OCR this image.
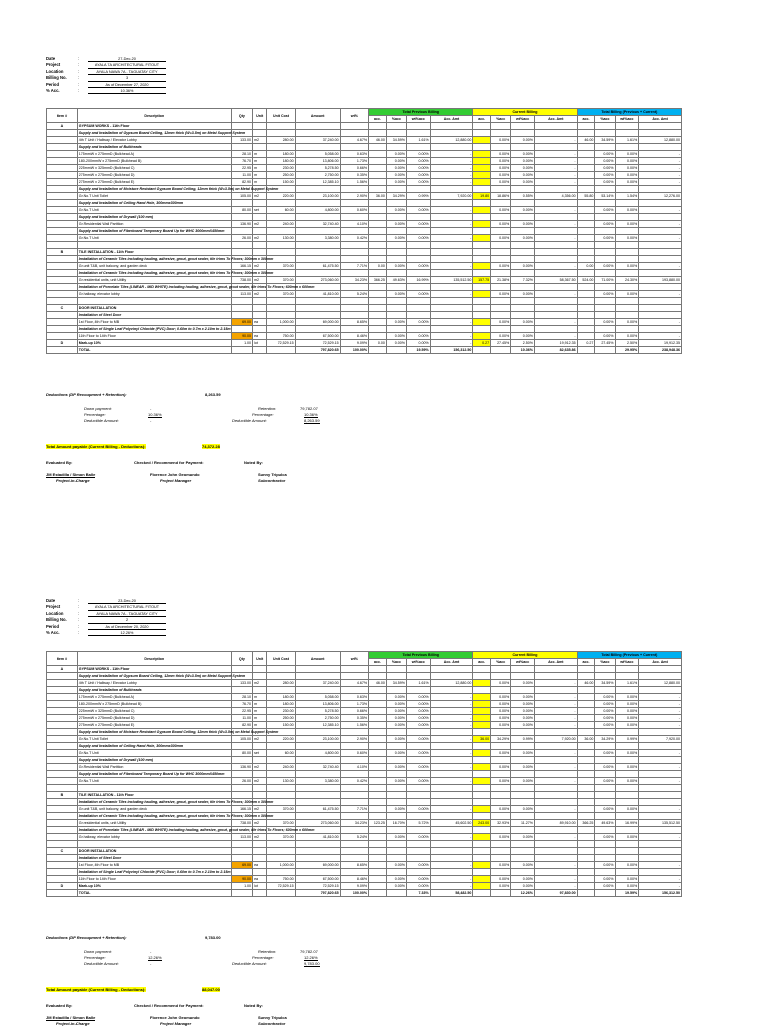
Date	:	27-Dec-20
Project	:	AYALA 7A ARCHITECTURAL FITOUT
Location	:	AYALA NAWA 7A - TAGUATAY CITY
Billing No.	:	3
Period	:	As of December 27, 2020
% Acc.	:	10.36%
Item #	Description	Qty	Unit	Unit Cost	Amount	wt%	Total Previous Billing				Current Billing				Total Billing (Previous + Current)			
							acc.	%acc	wt%acc	Acc. Amt	acc.	%acc	wt%acc	Acc. Amt	acc.	%acc	wt%acc	Acc. Amt
A	GYPSUM WORKS - 11th Floor																	
	Supply and Installation of Gypsum Board Ceiling, 12mm thick (W=3.5m) on Metal Support System																	
	4th T Unit / Hallway / Elevator Lobby	133.00	m2	280.00	37,240.00	4.67%	46.00	34.59%	1.61%	12,880.00		0.00%	0.00%	-	46.00	34.59%	1.61%	12,880.00
	Supply and Installation of Bulkheads																	
	175mmW x 275mmD (Bulkhead A)	28.10	m	180.00	5,058.00	0.63%		0.00%	0.00%	-		0.00%	0.00%	-		0.00%	0.00%	-
	180-200mmW x 275mmD (Bulkhead B)	76.70	m	180.00	13,806.00	1.73%		0.00%	0.00%	-		0.00%	0.00%	-		0.00%	0.00%	-
	225mmW x 325mmD (Bulkhead C)	22.95	m	230.00	5,278.50	0.66%		0.00%	0.00%	-		0.00%	0.00%	-		0.00%	0.00%	-
	275mmW x 275mmD (Bulkhead D)	11.00	m	250.00	2,750.00	0.35%		0.00%	0.00%	-		0.00%	0.00%	-		0.00%	0.00%	-
	275mmW x 275mmD (Bulkhead E)	82.90	m	150.00	12,385.10	1.56%		0.00%	0.00%	-		0.00%	0.00%	-		0.00%	0.00%	-
	Supply and Installation of Moisture Resistant Gypsum Board Ceiling, 12mm thick (W=3.5m) on Metal Support System																	
	Gr.No.T Unit Toilet	105.00	m2	220.00	23,100.00	2.90%	36.00	34.29%	0.99%	7,920.00	19.80	18.86%	0.55%	4,356.00	55.80	53.14%	1.54%	12,276.00
	Supply and Installation of Ceiling Hand Hole, 300mmx300mm																	
	Gr.No.T Unit	80.00	set	60.00	4,800.00	0.60%		0.00%	0.00%	-		0.00%	0.00%	-		0.00%	0.00%	-
	Supply and Installation of Drywall (100 mm)																	
	Gr.Residential Wall Partition	136.90	m2	240.00	32,740.40	4.10%		0.00%	0.00%	-		0.00%	0.00%	-		0.00%	0.00%	-
	Supply and Installation of Fiberboard Temporary Board Up for WHC 3000mmX450mm																	
	Gr.No.T Unit	26.00	m2	130.00	3,380.00	0.42%		0.00%	0.00%	-		0.00%	0.00%	-		0.00%	0.00%	-

B	TILE INSTALLATION - 11th Floor																	
	Installation of Ceramic Tiles including hauling, adhesive, grout, grout sealer, tile trims To Floors; 300mm x 300mm																	
	Gr.unit T&B, unit balcony, and garden deck	166.15	m2	370.00	61,475.50	7.71%	0.00	0.00%	0.00%	-		0.00%	0.00%	-	0.00	0.00%	0.00%	-
	Installation of Ceramic Tiles including hauling, adhesive, grout, grout sealer, tile trims To Floors; 300mm x 300mm																	
	Gr.residential units, unit Utility	738.00	m2	370.00	273,060.00	34.23%	366.25	49.63%	16.99%	135,512.50	157.75	21.38%	7.32%	58,367.50	524.00	71.00%	24.30%	193,880.00
	Installation of Porcelain Tiles (LINEAR - MID WHITE) including hauling, adhesive, grout, grout sealer, tile trims To Floors; 600mm x 600mm																	
	Gr.hallway, elevator lobby	113.00	m2	370.00	41,810.00	5.24%		0.00%	0.00%	-		0.00%	0.00%	-		0.00%	0.00%	-

C	DOOR INSTALLATION																	
	Installation of Steel Door																	
	1st Floor, 4th Floor to MB	69.00	ea	1,000.00	69,000.00	8.65%		0.00%	0.00%	-		0.00%	0.00%	-		0.00%	0.00%	-
	Installation of Single Leaf Polyvinyl Chloride (PVC) Door; 0.60m to 0.7m x 2.10m to 2.15m																	
	11th Floor to 14th Floor	90.00	ea	750.00	67,500.00	8.46%		0.00%	0.00%	-		0.00%	0.00%	-		0.00%	0.00%	-
D	Mark-up 10%	1.00	lot	72,529.15	72,529.15	9.09%	0.00	0.00%	0.00%	-	0.27	27.45%	2.50%	19,912.35	0.27	27.45%	2.50%	19,912.35
	TOTAL				797,820.65	100.00%			19.59%	156,312.50			10.36%	82,635.86			29.95%	238,948.36
Deductions (DP Recoupment + Retention):	8,263.59
Down payment:	-
Percentage:	10.36%
Deductible Amount:	-
Retention:	79,782.07
Percentage:	10.36%
Deductible Amount:	8,263.59
Total Amount payable (Current Billing - Deductions):	74,372.28
Evaluated By:	Checked / Recommend for Payment:	Noted By:
JM Estadilla / Simon Balle	Florence John Geomundo	Sunny Tripulca
Project-in-Charge	Project Manager	Subcontractor
Date	:	23-Dec-20
Project	:	AYALA 7A ARCHITECTURAL FITOUT
Location	:	AYALA NAWA 7A - TAGUATAY CITY
Billing No.	:	2
Period	:	As of December 20, 2020
% Acc.	:	12.26%
Item #	Description	Qty	Unit	Unit Cost	Amount	wt%	Total Previous Billing				Current Billing				Total Billing (Previous + Current)			
							acc.	%acc	wt%acc	Acc. Amt	acc.	%acc	wt%acc	Acc. Amt	acc.	%acc	wt%acc	Acc. Amt
A	GYPSUM WORKS - 11th Floor																	
	Supply and Installation of Gypsum Board Ceiling, 12mm thick (W=3.5m) on Metal Support System																	
	4th T Unit / Hallway / Elevator Lobby	133.00	m2	280.00	37,240.00	4.67%	46.00	34.59%	1.61%	12,880.00		0.00%	0.00%	-	46.00	34.59%	1.61%	12,880.00
	Supply and Installation of Bulkheads																	
	175mmW x 275mmD (Bulkhead A)	28.10	m	180.00	5,058.00	0.63%		0.00%	0.00%	-		0.00%	0.00%	-		0.00%	0.00%	-
	180-200mmW x 275mmD (Bulkhead B)	76.70	m	180.00	13,806.00	1.73%		0.00%	0.00%	-		0.00%	0.00%	-		0.00%	0.00%	-
	225mmW x 325mmD (Bulkhead C)	22.95	m	230.00	5,278.50	0.66%		0.00%	0.00%	-		0.00%	0.00%	-		0.00%	0.00%	-
	275mmW x 275mmD (Bulkhead D)	11.00	m	250.00	2,750.00	0.35%		0.00%	0.00%	-		0.00%	0.00%	-		0.00%	0.00%	-
	275mmW x 275mmD (Bulkhead E)	82.90	m	150.00	12,385.10	1.56%		0.00%	0.00%	-		0.00%	0.00%	-		0.00%	0.00%	-
	Supply and Installation of Moisture Resistant Gypsum Board Ceiling, 12mm thick (W=3.5m) on Metal Support System																	
	Gr.No.T Unit Toilet	105.00	m2	220.00	23,100.00	2.90%		0.00%	0.00%	-	36.00	34.29%	0.99%	7,920.00	36.00	34.29%	0.99%	7,920.00
	Supply and Installation of Ceiling Hand Hole, 300mmx300mm																	
	Gr.No.T Unit	80.00	set	60.00	4,800.00	0.60%		0.00%	0.00%	-		0.00%	0.00%	-		0.00%	0.00%	-
	Supply and Installation of Drywall (100 mm)																	
	Gr.Residential Wall Partition	136.90	m2	240.00	32,740.40	4.10%		0.00%	0.00%	-		0.00%	0.00%	-		0.00%	0.00%	-
	Supply and Installation of Fiberboard Temporary Board Up for WHC 3000mmX450mm																	
	Gr.No.T Unit	26.00	m2	130.00	3,380.00	0.42%		0.00%	0.00%	-		0.00%	0.00%	-		0.00%	0.00%	-

B	TILE INSTALLATION - 11th Floor																	
	Installation of Ceramic Tiles including hauling, adhesive, grout, grout sealer, tile trims To Floors; 300mm x 300mm																	
	Gr.unit T&B, unit balcony, and garden deck	166.15	m2	370.00	61,475.50	7.71%		0.00%	0.00%	-		0.00%	0.00%	-		0.00%	0.00%	-
	Installation of Ceramic Tiles including hauling, adhesive, grout, grout sealer, tile trims To Floors; 300mm x 300mm																	
	Gr.residential units, unit Utility	738.00	m2	370.00	273,060.00	34.23%	123.25	16.70%	5.72%	45,602.50	243.00	32.93%	11.27%	89,910.00	366.25	49.63%	16.99%	135,512.50
	Installation of Porcelain Tiles (LINEAR - MID WHITE) including hauling, adhesive, grout, grout sealer, tile trims To Floors; 600mm x 600mm																	
	Gr.hallway, elevator lobby	113.00	m2	370.00	41,810.00	5.24%		0.00%	0.00%	-		0.00%	0.00%	-		0.00%	0.00%	-

C	DOOR INSTALLATION																	
	Installation of Steel Door																	
	1st Floor, 4th Floor to MB	69.00	ea	1,000.00	69,000.00	8.65%		0.00%	0.00%	-		0.00%	0.00%	-		0.00%	0.00%	-
	Installation of Single Leaf Polyvinyl Chloride (PVC) Door; 0.60m to 0.7m x 2.10m to 2.15m																	
	11th Floor to 14th Floor	90.00	ea	750.00	67,500.00	8.46%		0.00%	0.00%	-		0.00%	0.00%	-		0.00%	0.00%	-
D	Mark-up 10%	1.00	lot	72,529.15	72,529.15	9.09%		0.00%	0.00%	-		0.00%	0.00%	-		0.00%	0.00%	-
	TOTAL				797,820.65	100.00%			7.33%	58,482.50			12.26%	97,830.00			19.59%	156,312.50
Deductions (DP Recoupment + Retention):	9,783.00
Down payment:	-
Percentage:	12.26%
Deductible Amount:	-
Retention:	79,782.07
Percentage:	12.26%
Deductible Amount:	9,783.00
Total Amount payable (Current Billing - Deductions):	88,047.00
Evaluated By:	Checked / Recommend for Payment:	Noted By:
JM Estadilla / Simon Balle	Florence John Geomundo	Sunny Tripulca
Project-in-Charge	Project Manager	Subcontractor
